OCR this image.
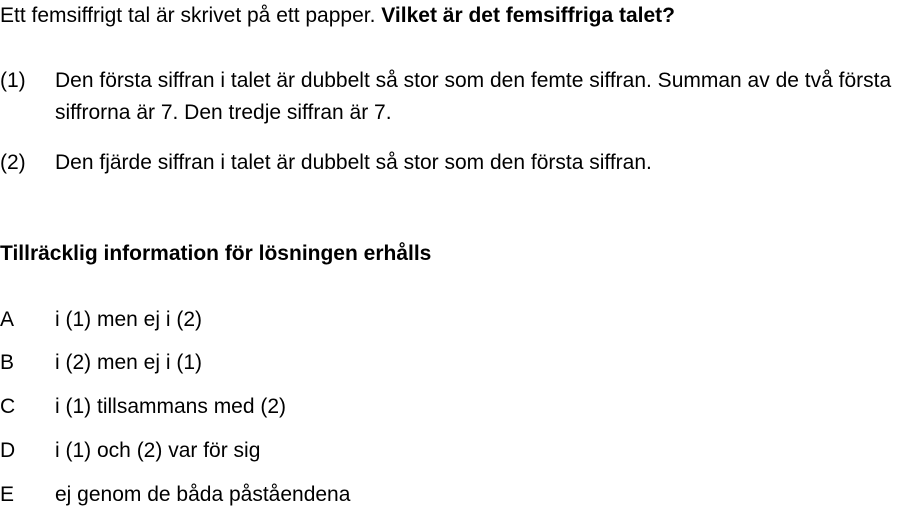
Ett femsiffrigt tal är skrivet på ett papper. Vilket är det femsiffriga talet?
(1) Den första siffran i talet är dubbelt så stor som den femte siffran. Summan av de två första siffrorna är 7. Den tredje siffran är 7.
(2) Den fjärde siffran i talet är dubbelt så stor som den första siffran.
Tillräcklig information för lösningen erhålls
A i (1) men ej i (2)
B i (2) men ej i (1)
C i (1) tillsammans med (2)
D i (1) och (2) var för sig
E ej genom de båda påståendena
